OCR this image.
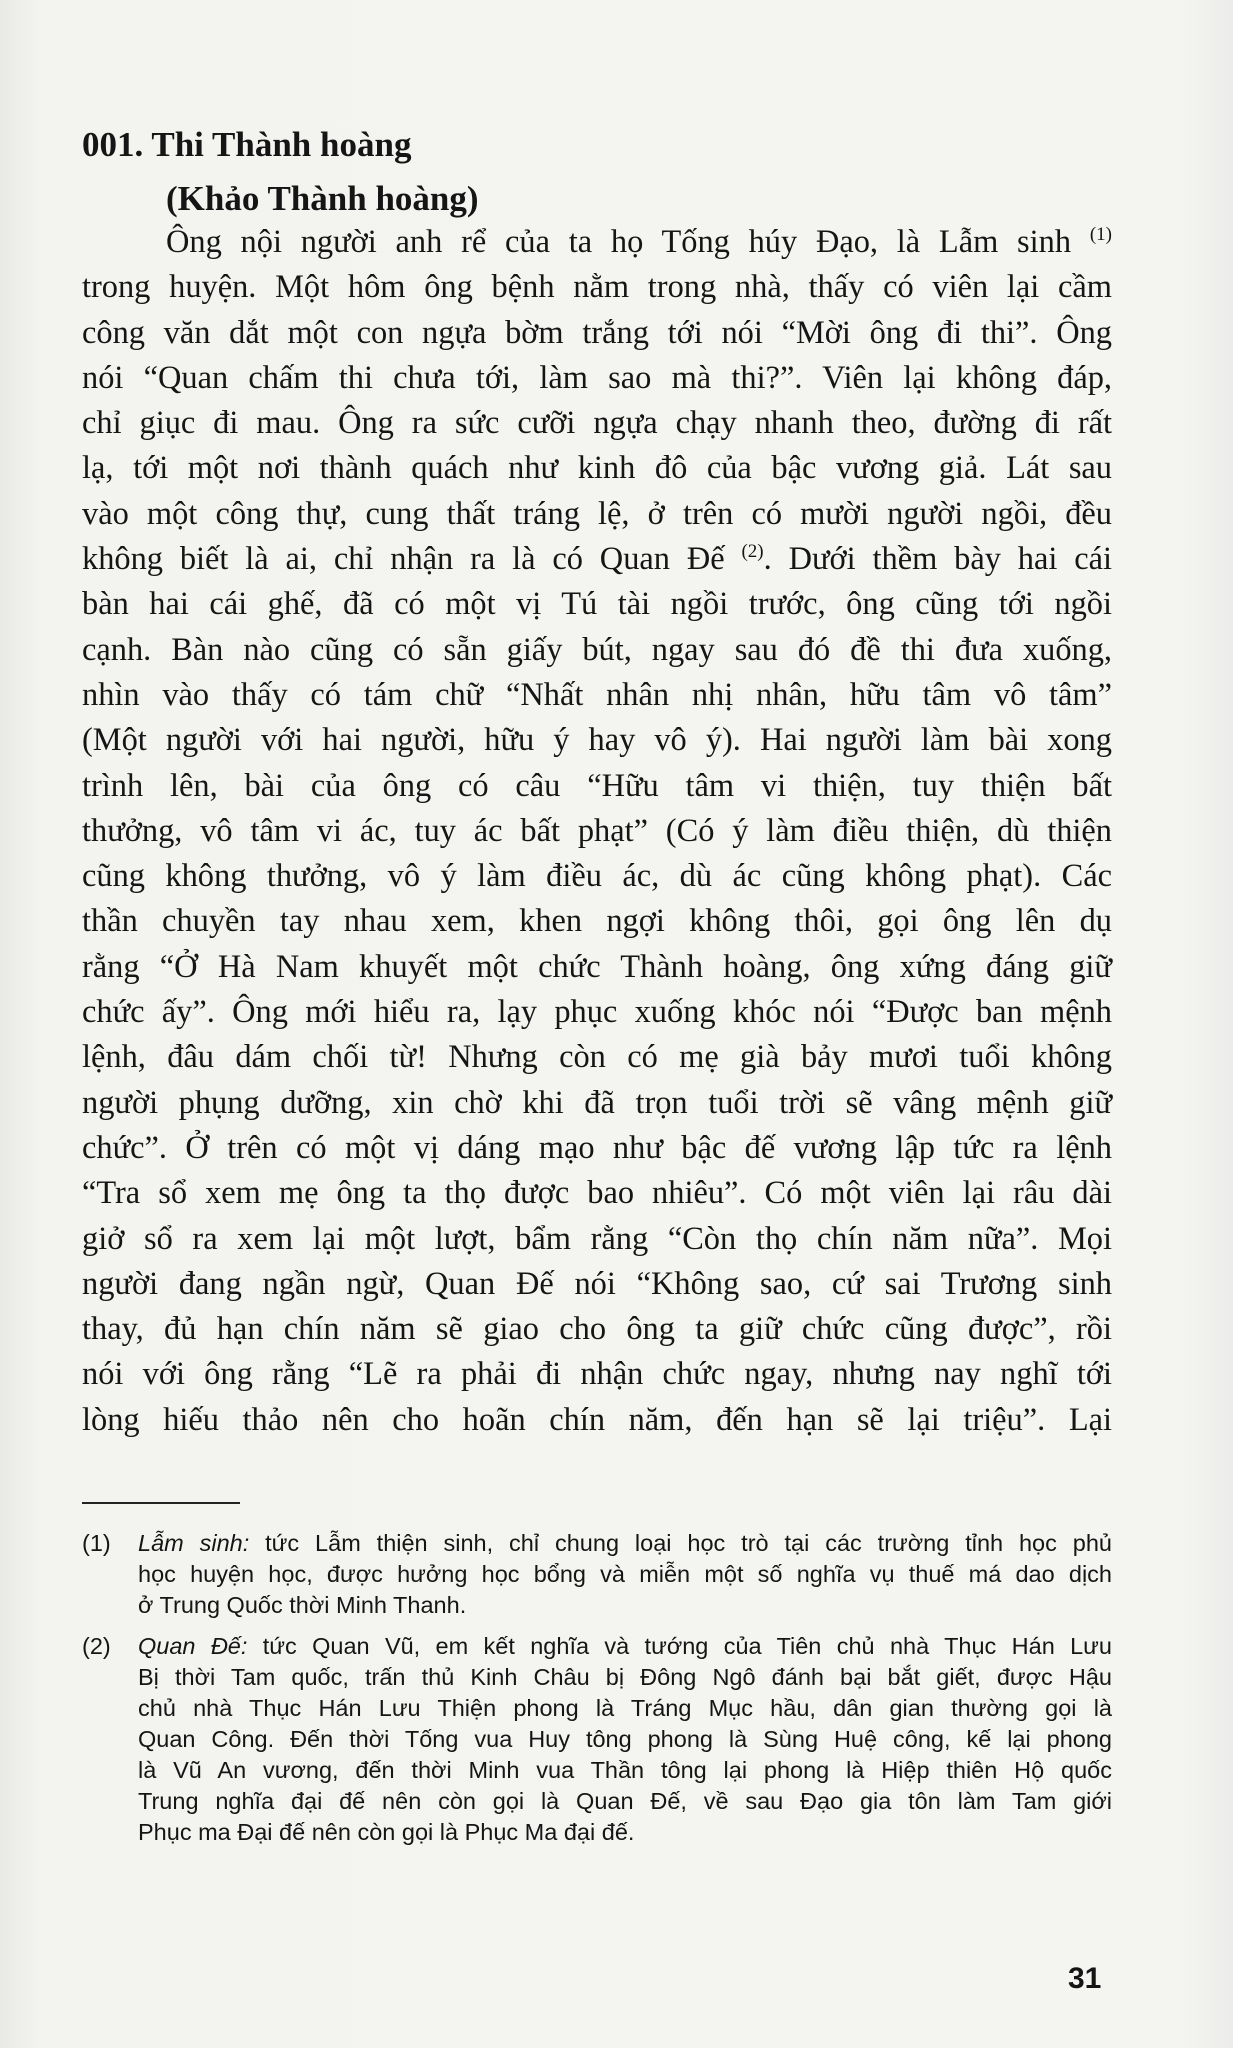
001. Thi Thành hoàng
(Khảo Thành hoàng)
Ông nội người anh rể của ta họ Tống húy Đạo, là Lẫm sinh $^{(1)}$
trong huyện. Một hôm ông bệnh nằm trong nhà, thấy có viên lại cầm
công văn dắt một con ngựa bờm trắng tới nói “Mời ông đi thi”. Ông
nói “Quan chấm thi chưa tới, làm sao mà thi?”. Viên lại không đáp,
chỉ giục đi mau. Ông ra sức cưỡi ngựa chạy nhanh theo, đường đi rất
lạ, tới một nơi thành quách như kinh đô của bậc vương giả. Lát sau
vào một công thự, cung thất tráng lệ, ở trên có mười người ngồi, đều
không biết là ai, chỉ nhận ra là có Quan Đế $^{(2)}$. Dưới thềm bày hai cái
bàn hai cái ghế, đã có một vị Tú tài ngồi trước, ông cũng tới ngồi
cạnh. Bàn nào cũng có sẵn giấy bút, ngay sau đó đề thi đưa xuống,
nhìn vào thấy có tám chữ “Nhất nhân nhị nhân, hữu tâm vô tâm”
(Một người với hai người, hữu ý hay vô ý). Hai người làm bài xong
trình lên, bài của ông có câu “Hữu tâm vi thiện, tuy thiện bất
thưởng, vô tâm vi ác, tuy ác bất phạt” (Có ý làm điều thiện, dù thiện
cũng không thưởng, vô ý làm điều ác, dù ác cũng không phạt). Các
thần chuyền tay nhau xem, khen ngợi không thôi, gọi ông lên dụ
rằng “Ở Hà Nam khuyết một chức Thành hoàng, ông xứng đáng giữ
chức ấy”. Ông mới hiểu ra, lạy phục xuống khóc nói “Được ban mệnh
lệnh, đâu dám chối từ! Nhưng còn có mẹ già bảy mươi tuổi không
người phụng dưỡng, xin chờ khi đã trọn tuổi trời sẽ vâng mệnh giữ
chức”. Ở trên có một vị dáng mạo như bậc đế vương lập tức ra lệnh
“Tra sổ xem mẹ ông ta thọ được bao nhiêu”. Có một viên lại râu dài
giở sổ ra xem lại một lượt, bẩm rằng “Còn thọ chín năm nữa”. Mọi
người đang ngần ngừ, Quan Đế nói “Không sao, cứ sai Trương sinh
thay, đủ hạn chín năm sẽ giao cho ông ta giữ chức cũng được”, rồi
nói với ông rằng “Lẽ ra phải đi nhận chức ngay, nhưng nay nghĩ tới
lòng hiếu thảo nên cho hoãn chín năm, đến hạn sẽ lại triệu”. Lại
(1) Lẫm sinh: tức Lẫm thiện sinh, chỉ chung loại học trò tại các trường tỉnh học phủ
học huyện học, được hưởng học bổng và miễn một số nghĩa vụ thuế má dao dịch
ở Trung Quốc thời Minh Thanh.
(2) Quan Đế: tức Quan Vũ, em kết nghĩa và tướng của Tiên chủ nhà Thục Hán Lưu
Bị thời Tam quốc, trấn thủ Kinh Châu bị Đông Ngô đánh bại bắt giết, được Hậu
chủ nhà Thục Hán Lưu Thiện phong là Tráng Mục hầu, dân gian thường gọi là
Quan Công. Đến thời Tống vua Huy tông phong là Sùng Huệ công, kế lại phong
là Vũ An vương, đến thời Minh vua Thần tông lại phong là Hiệp thiên Hộ quốc
Trung nghĩa đại đế nên còn gọi là Quan Đế, về sau Đạo gia tôn làm Tam giới
Phục ma Đại đế nên còn gọi là Phục Ma đại đế.
31
